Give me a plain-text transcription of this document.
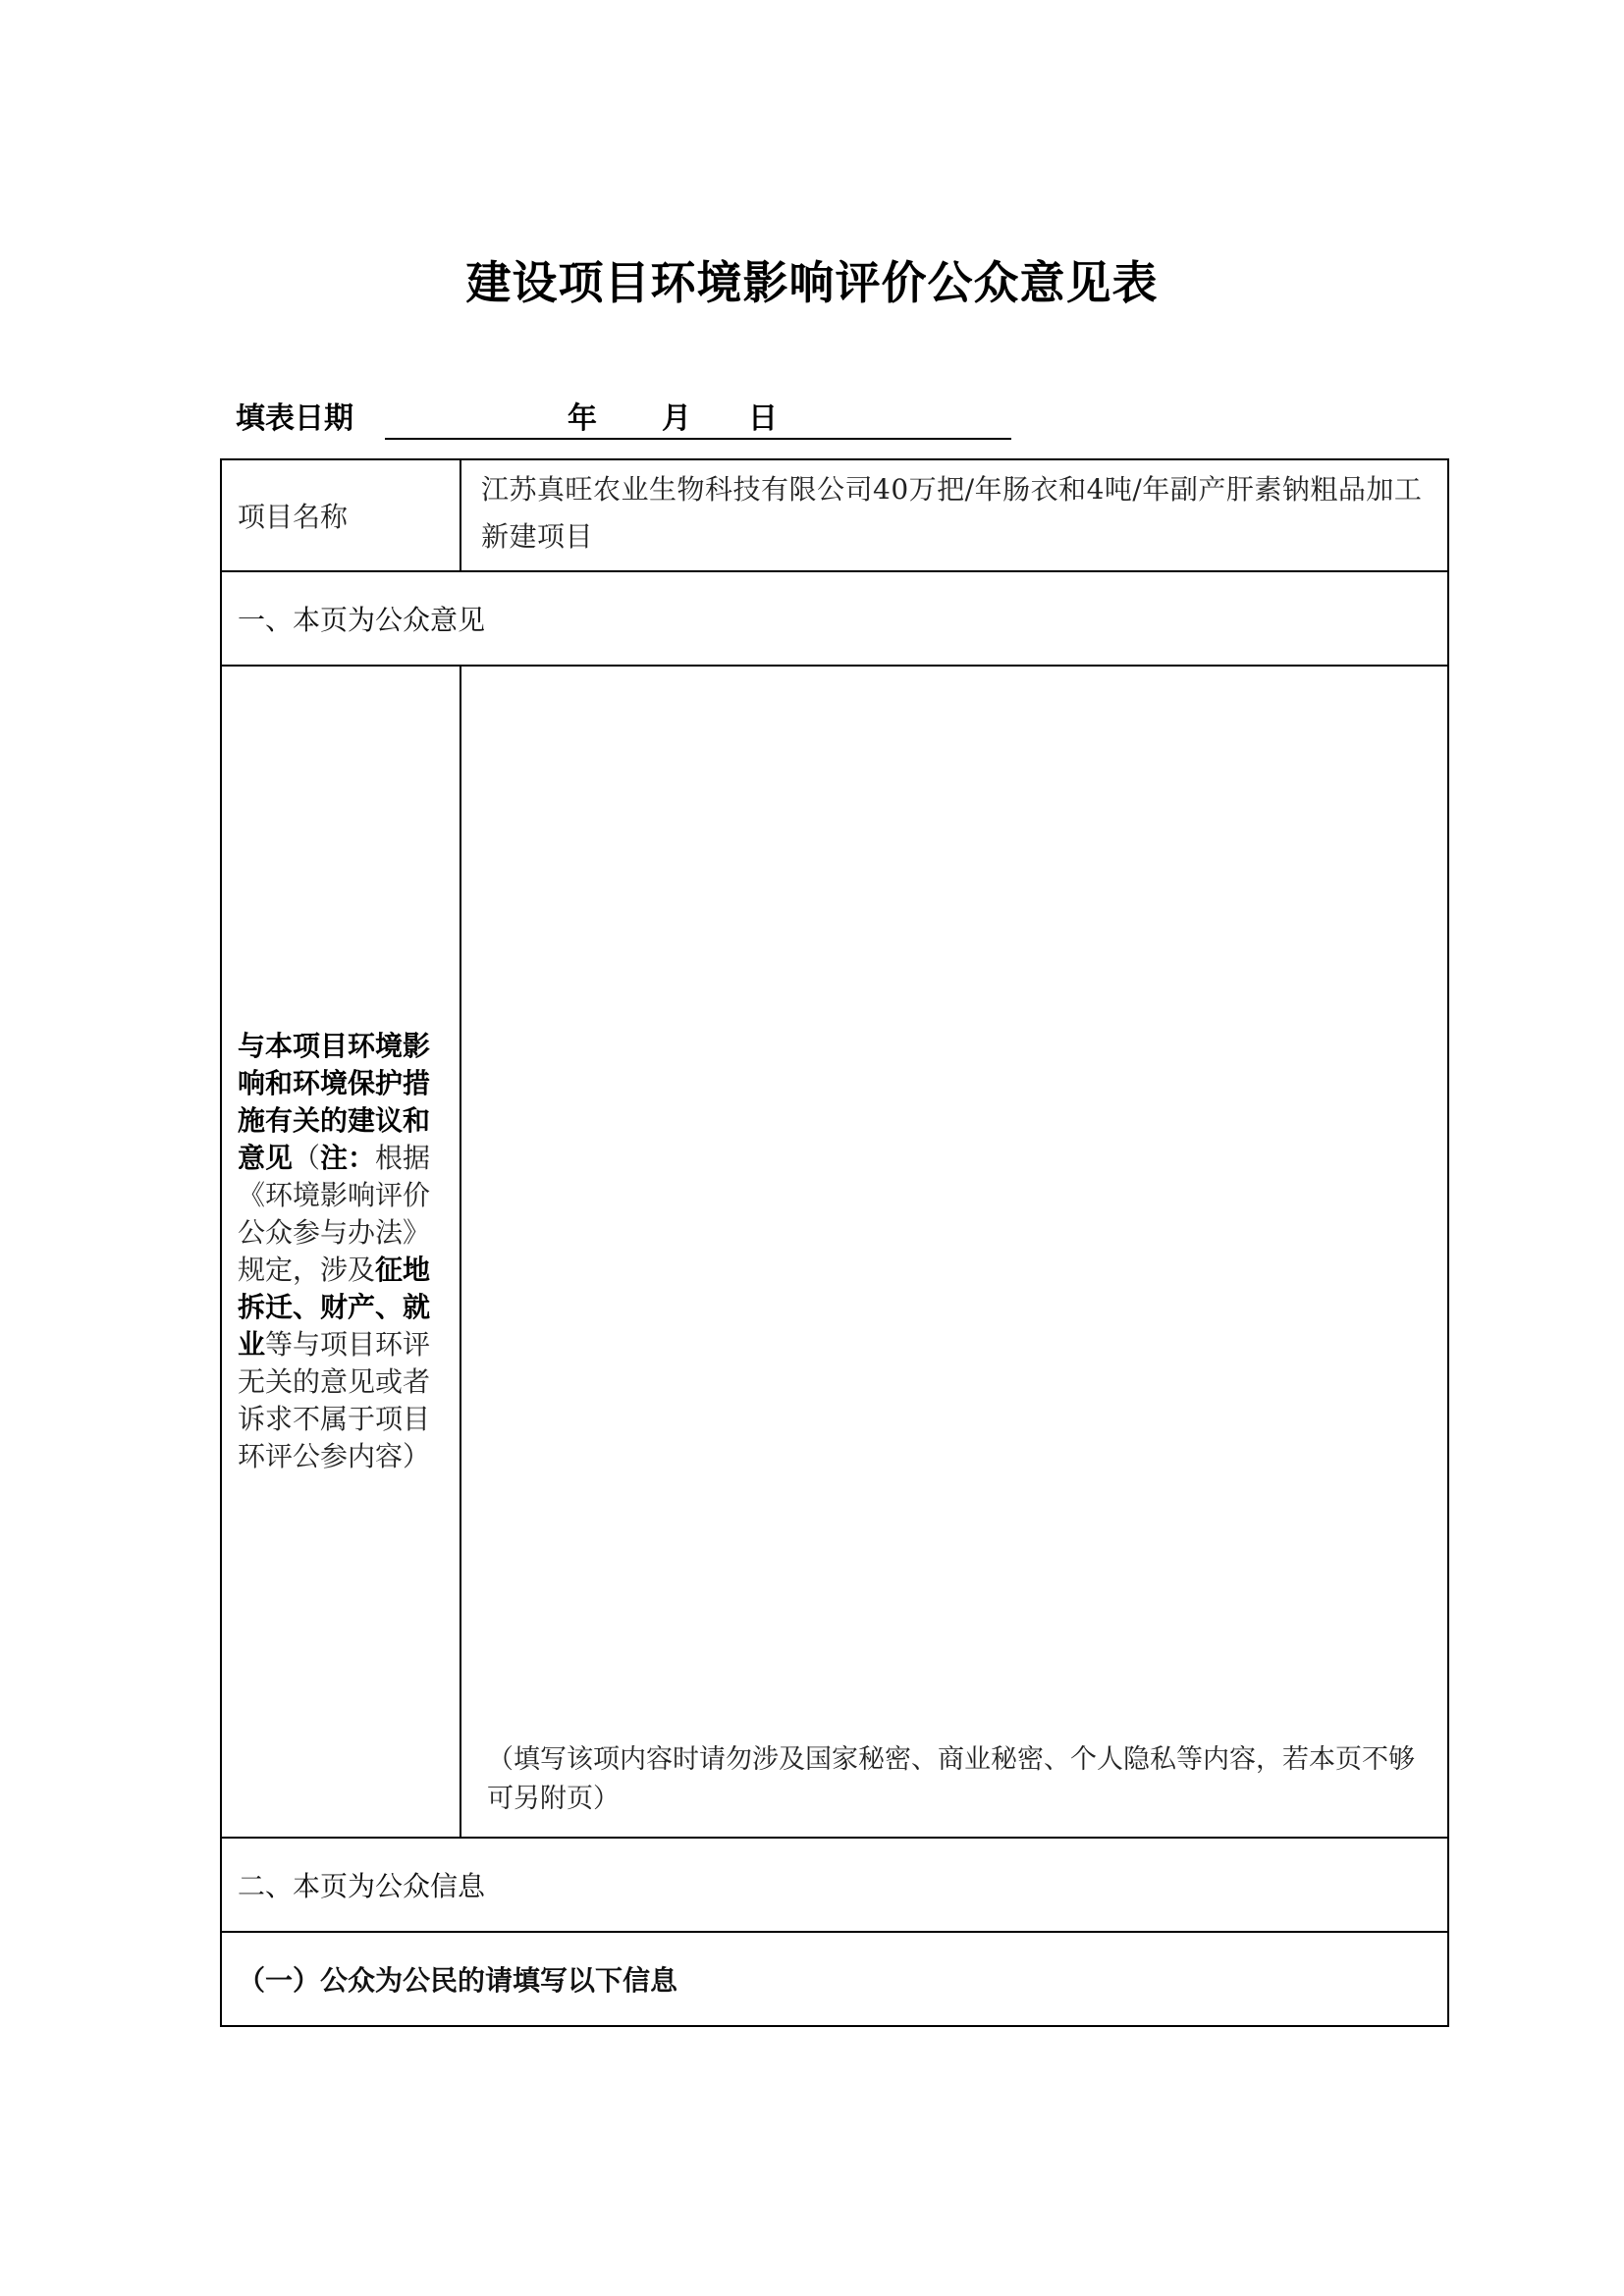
建设项目环境影响评价公众意见表
填表日期	年 月 日
项目名称	江苏真旺农业生物科技有限公司40万把/年肠衣和4吨/年副产肝素钠粗品加工新建项目
一、本页为公众意见	
与本项目环境影响和环境保护措施有关的建议和意见（注：根据《环境影响评价公众参与办法》规定，涉及征地拆迁、财产、就业等与项目环评无关的意见或者诉求不属于项目环评公参内容）	（填写该项内容时请勿涉及国家秘密、商业秘密、个人隐私等内容，若本页不够可另附页）

二、本页为公众信息	
（一）公众为公民的请填写以下信息	
